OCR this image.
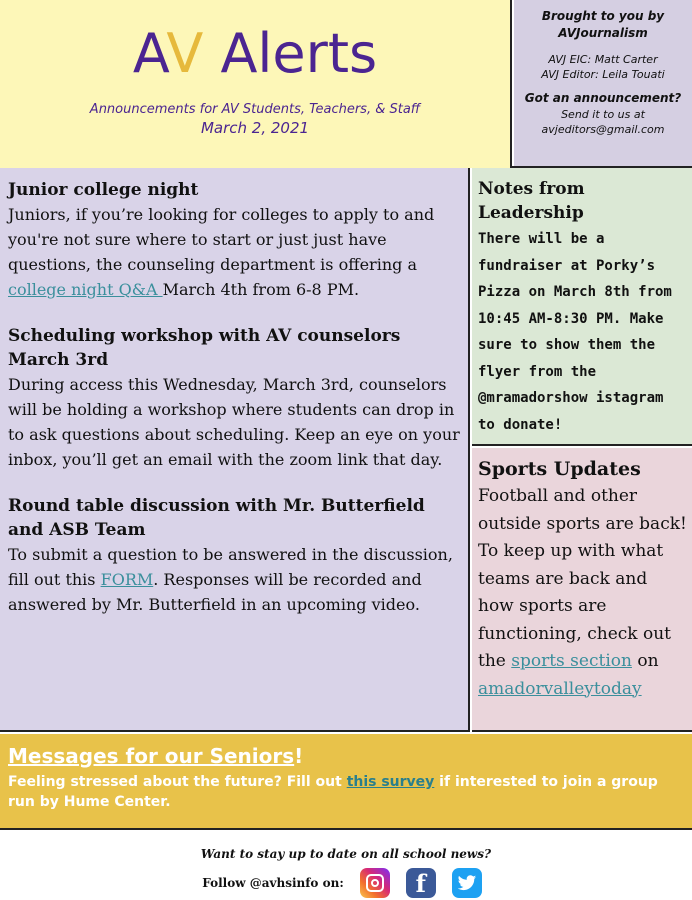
AV Alerts
Announcements for AV Students, Teachers, & Staff
March 2, 2021
Brought to you by
AVJournalism
AVJ EIC: Matt Carter
AVJ Editor: Leila Touati
Got an announcement?
Send it to us at
avjeditors@gmail.com
Junior college night
Juniors, if you’re looking for colleges to apply to and you're not sure where to start or just just have questions, the counseling department is offering a college night Q&A March 4th from 6-8 PM.
Scheduling workshop with AV counselors March 3rd
During access this Wednesday, March 3rd, counselors will be holding a workshop where students can drop in to ask questions about scheduling. Keep an eye on your inbox, you’ll get an email with the zoom link that day.
Round table discussion with Mr. Butterfield and ASB Team
To submit a question to be answered in the discussion, fill out this FORM. Responses will be recorded and answered by Mr. Butterfield in an upcoming video.
Notes from Leadership
There will be a fundraiser at Porky’s Pizza on March 8th from 10:45 AM-8:30 PM. Make sure to show them the flyer from the @mramadorshow istagram to donate!
Sports Updates
Football and other outside sports are back! To keep up with what teams are back and how sports are functioning, check out the sports section on amadorvalleytoday
Messages for our Seniors!
Feeling stressed about the future? Fill out this survey if interested to join a group run by Hume Center.
Want to stay up to date on all school news?
Follow @avhsinfo on:	f
